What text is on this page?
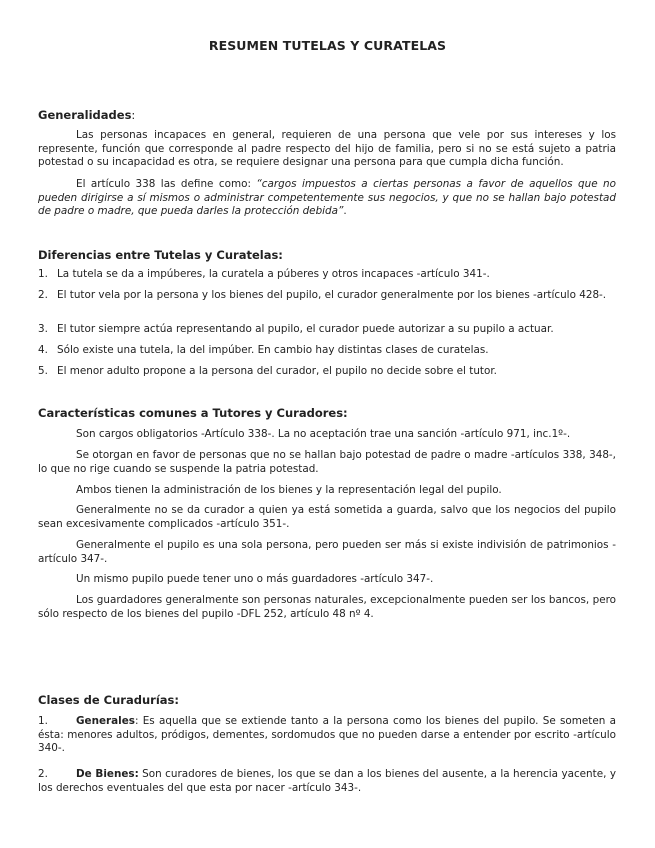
RESUMEN TUTELAS Y CURATELAS
Generalidades:
Las personas incapaces en general, requieren de una persona que vele por sus intereses y los represente, función que corresponde al padre respecto del hijo de familia, pero si no se está sujeto a patria potestad o su incapacidad es otra, se requiere designar una persona para que cumpla dicha función.
El artículo 338 las define como: “cargos impuestos a ciertas personas a favor de aquellos que no pueden dirigirse a sí mismos o administrar competentemente sus negocios, y que no se hallan bajo potestad de padre o madre, que pueda darles la protección debida”.
Diferencias entre Tutelas y Curatelas:
1. La tutela se da a impúberes, la curatela a púberes y otros incapaces -artículo 341-.
2. El tutor vela por la persona y los bienes del pupilo, el curador generalmente por los bienes -artículo 428-.
3. El tutor siempre actúa representando al pupilo, el curador puede autorizar a su pupilo a actuar.
4. Sólo existe una tutela, la del impúber. En cambio hay distintas clases de curatelas.
5. El menor adulto propone a la persona del curador, el pupilo no decide sobre el tutor.
Características comunes a Tutores y Curadores:
Son cargos obligatorios -Artículo 338-. La no aceptación trae una sanción -artículo 971, inc.1º-.
Se otorgan en favor de personas que no se hallan bajo potestad de padre o madre -artículos 338, 348-, lo que no rige cuando se suspende la patria potestad.
Ambos tienen la administración de los bienes y la representación legal del pupilo.
Generalmente no se da curador a quien ya está sometida a guarda, salvo que los negocios del pupilo sean excesivamente complicados -artículo 351-.
Generalmente el pupilo es una sola persona, pero pueden ser más si existe indivisión de patrimonios -artículo 347-.
Un mismo pupilo puede tener uno o más guardadores -artículo 347-.
Los guardadores generalmente son personas naturales, excepcionalmente pueden ser los bancos, pero sólo respecto de los bienes del pupilo -DFL 252, artículo 48 nº 4.
Clases de Curadurías:
1.	Generales: Es aquella que se extiende tanto a la persona como los bienes del pupilo. Se someten a ésta: menores adultos, pródigos, dementes, sordomudos que no pueden darse a entender por escrito -artículo 340-.
2.	De Bienes: Son curadores de bienes, los que se dan a los bienes del ausente, a la herencia yacente, y los derechos eventuales del que esta por nacer -artículo 343-.
